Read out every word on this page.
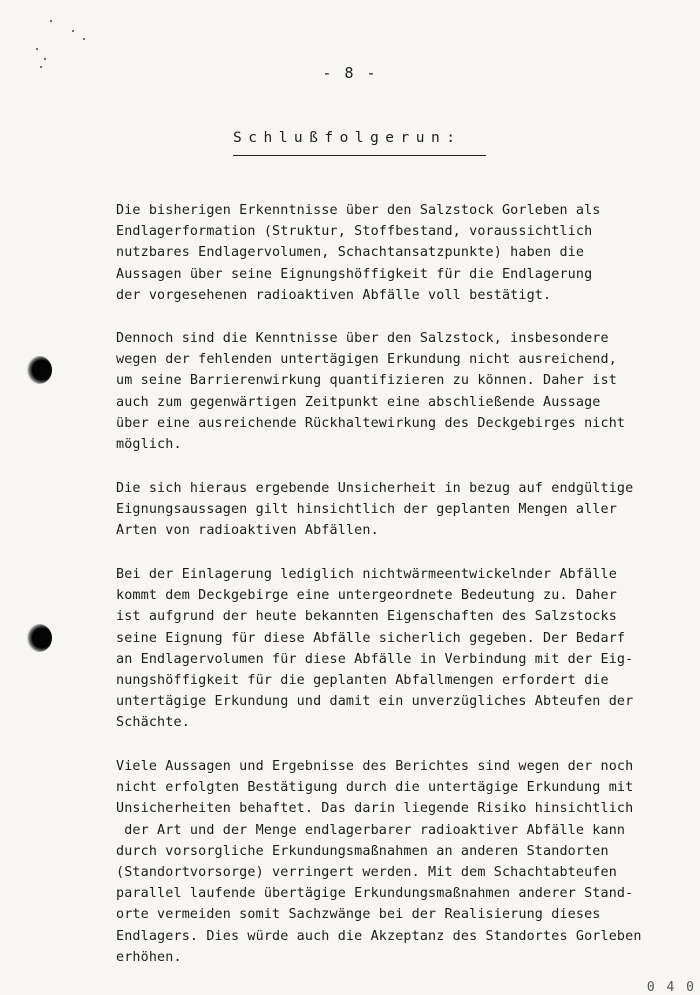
- 8 -
Schlußfolgerun:
Die bisherigen Erkenntnisse über den Salzstock Gorleben als
Endlagerformation (Struktur, Stoffbestand, voraussichtlich
nutzbares Endlagervolumen, Schachtansatzpunkte) haben die
Aussagen über seine Eignungshöffigkeit für die Endlagerung
der vorgesehenen radioaktiven Abfälle voll bestätigt.
Dennoch sind die Kenntnisse über den Salzstock, insbesondere
wegen der fehlenden untertägigen Erkundung nicht ausreichend,
um seine Barrierenwirkung quantifizieren zu können. Daher ist
auch zum gegenwärtigen Zeitpunkt eine abschließende Aussage
über eine ausreichende Rückhaltewirkung des Deckgebirges nicht
möglich.
Die sich hieraus ergebende Unsicherheit in bezug auf endgültige
Eignungsaussagen gilt hinsichtlich der geplanten Mengen aller
Arten von radioaktiven Abfällen.
Bei der Einlagerung lediglich nichtwärmeentwickelnder Abfälle
kommt dem Deckgebirge eine untergeordnete Bedeutung zu. Daher
ist aufgrund der heute bekannten Eigenschaften des Salzstocks
seine Eignung für diese Abfälle sicherlich gegeben. Der Bedarf
an Endlagervolumen für diese Abfälle in Verbindung mit der Eig-
nungshöffigkeit für die geplanten Abfallmengen erfordert die
untertägige Erkundung und damit ein unverzügliches Abteufen der
Schächte.
Viele Aussagen und Ergebnisse des Berichtes sind wegen der noch
nicht erfolgten Bestätigung durch die untertägige Erkundung mit
Unsicherheiten behaftet. Das darin liegende Risiko hinsichtlich
der Art und der Menge endlagerbarer radioaktiver Abfälle kann
durch vorsorgliche Erkundungsmaßnahmen an anderen Standorten
(Standortvorsorge) verringert werden. Mit dem Schachtabteufen
parallel laufende übertägige Erkundungsmaßnahmen anderer Stand-
orte vermeiden somit Sachzwänge bei der Realisierung dieses
Endlagers. Dies würde auch die Akzeptanz des Standortes Gorleben
erhöhen.
0 4 0
